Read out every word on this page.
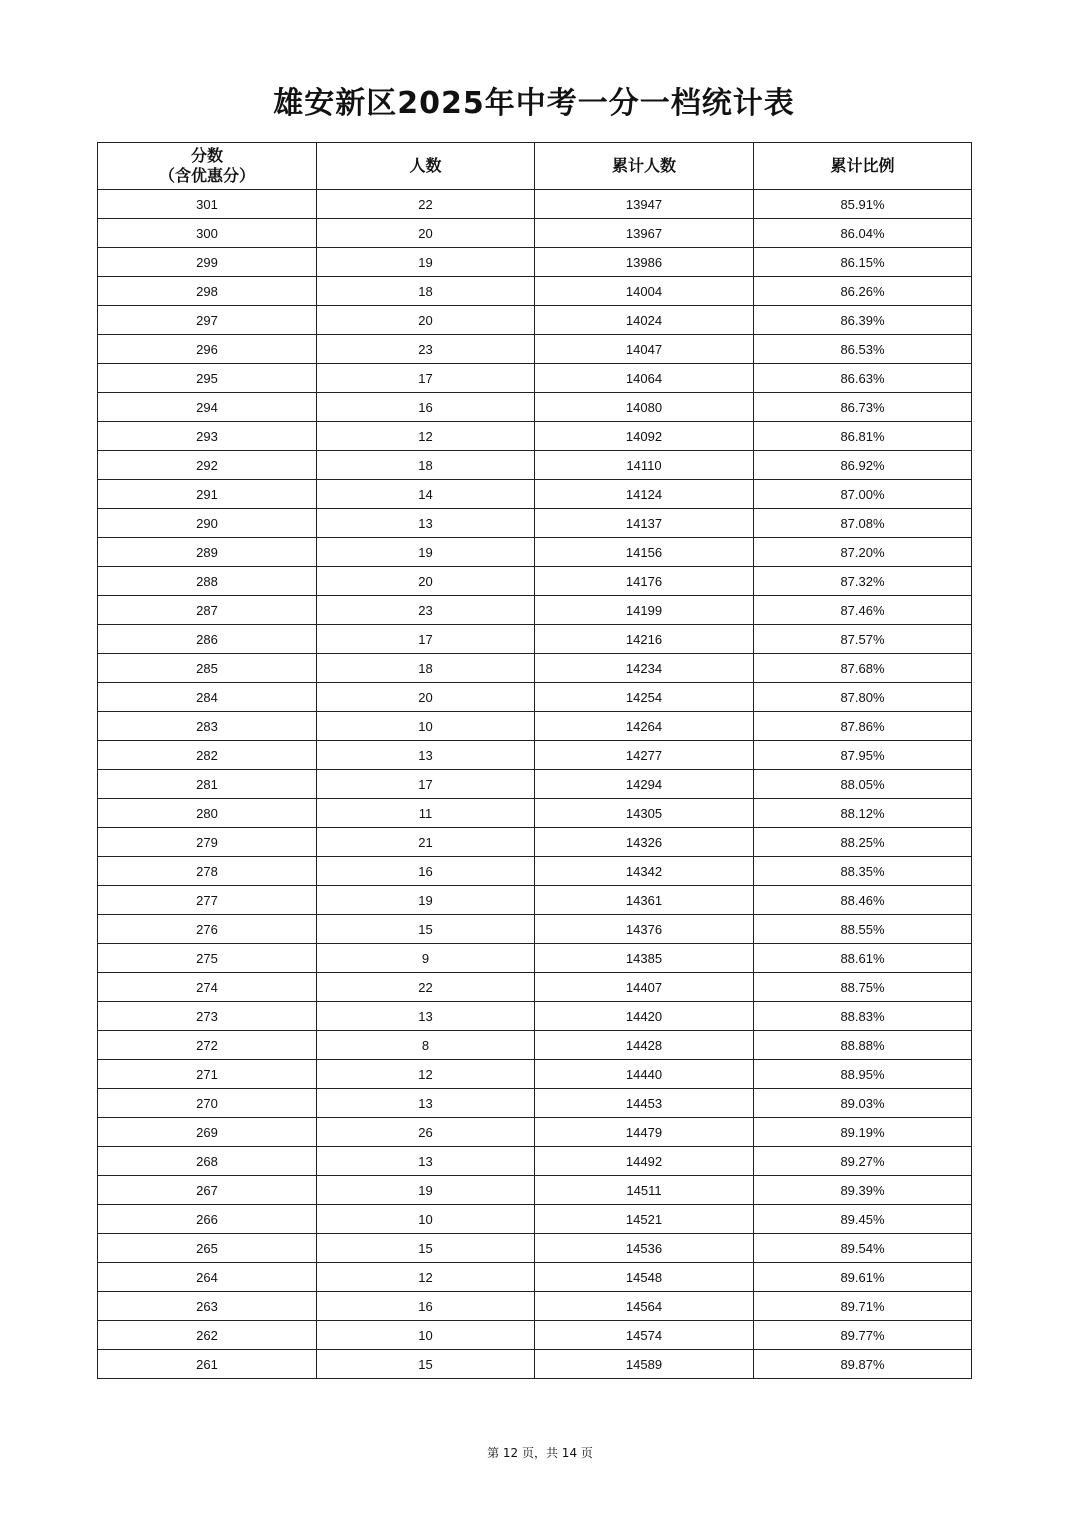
雄安新区2025年中考一分一档统计表
分数
（含优惠分）	人数	累计人数	累计比例
301	22	13947	85.91%
300	20	13967	86.04%
299	19	13986	86.15%
298	18	14004	86.26%
297	20	14024	86.39%
296	23	14047	86.53%
295	17	14064	86.63%
294	16	14080	86.73%
293	12	14092	86.81%
292	18	14110	86.92%
291	14	14124	87.00%
290	13	14137	87.08%
289	19	14156	87.20%
288	20	14176	87.32%
287	23	14199	87.46%
286	17	14216	87.57%
285	18	14234	87.68%
284	20	14254	87.80%
283	10	14264	87.86%
282	13	14277	87.95%
281	17	14294	88.05%
280	11	14305	88.12%
279	21	14326	88.25%
278	16	14342	88.35%
277	19	14361	88.46%
276	15	14376	88.55%
275	9	14385	88.61%
274	22	14407	88.75%
273	13	14420	88.83%
272	8	14428	88.88%
271	12	14440	88.95%
270	13	14453	89.03%
269	26	14479	89.19%
268	13	14492	89.27%
267	19	14511	89.39%
266	10	14521	89.45%
265	15	14536	89.54%
264	12	14548	89.61%
263	16	14564	89.71%
262	10	14574	89.77%
261	15	14589	89.87%

第 12 页，共 14 页
